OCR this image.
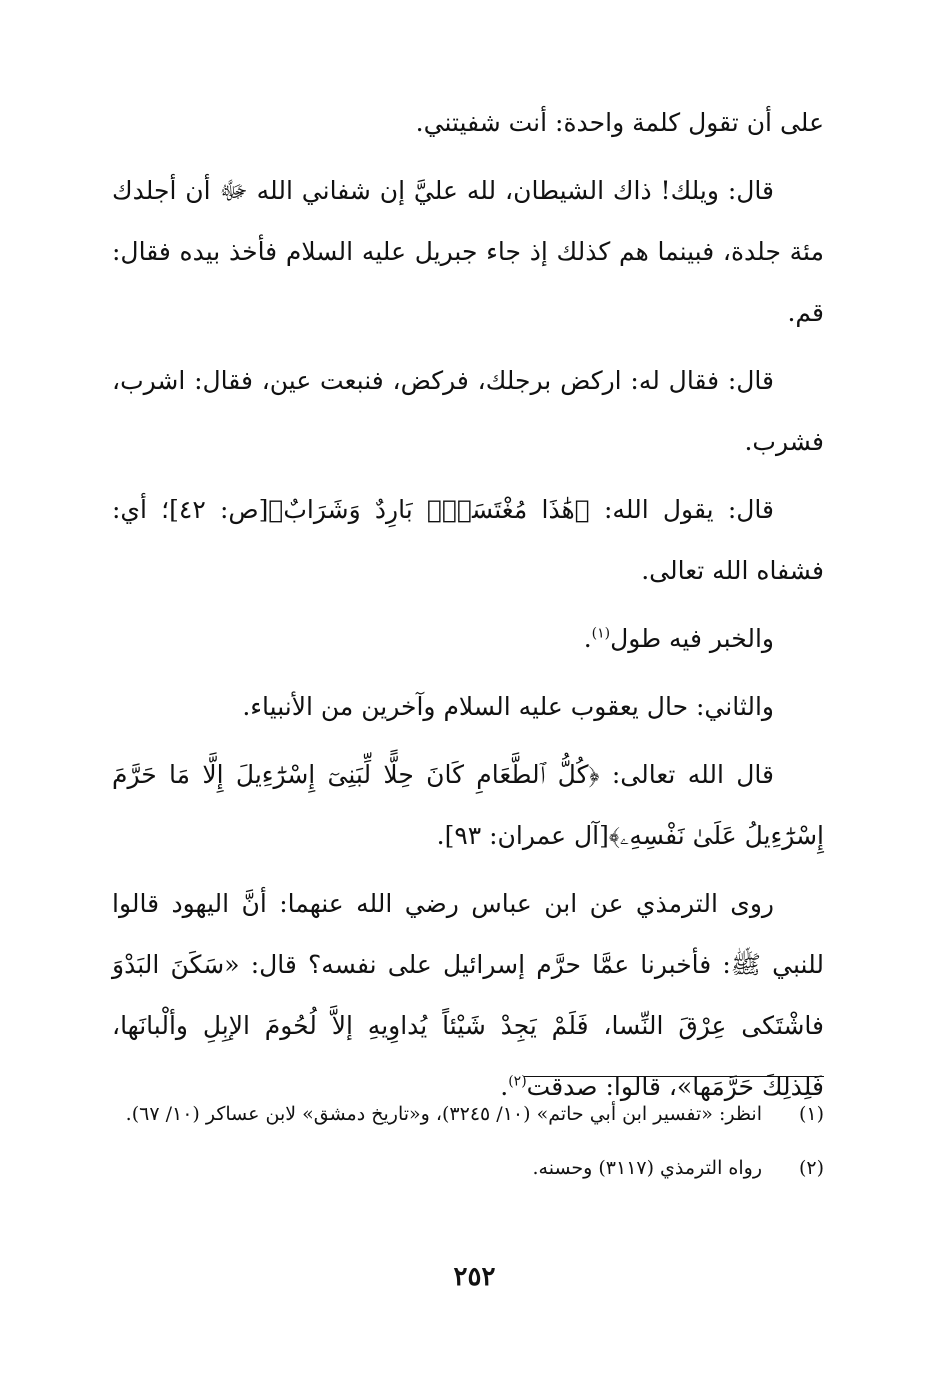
على أن تقول كلمة واحدة: أنت شفيتني.

قال: ويلك! ذاك الشيطان، لله عليَّ إن شفاني الله ﷻ أن أجلدك مئة جلدة، فبينما هم كذلك إذ جاء جبريل عليه السلام فأخذ بيده فقال: قم.

قال: فقال له: اركض برجلك، فركض، فنبعت عين، فقال: اشرب، فشرب.

قال: يقول الله: ﴿هَٰذَا مُغْتَسَلٌۢ بَارِدٌ وَشَرَابٌ﴾[ص: ٤٢]؛ أي: فشفاه الله تعالى.

والخبر فيه طول$^{(١)}$.

والثاني: حال يعقوب عليه السلام وآخرين من الأنبياء.

قال الله تعالى: ﴿كُلُّ ٱلطَّعَامِ كَانَ حِلًّا لِّبَنِىٓ إِسْرَٰٓءِيلَ إِلَّا مَا حَرَّمَ إِسْرَٰٓءِيلُ عَلَىٰ نَفْسِهِۦ﴾[آل عمران: ٩٣].

روى الترمذي عن ابن عباس رضي الله عنهما: أنَّ اليهود قالوا للنبي ﷺ: فأخبرنا عمَّا حرَّم إسرائيل على نفسه؟ قال: «سَكَنَ البَدْوَ فاشْتَكى عِرْقَ النِّسا، فَلَمْ يَجِدْ شَيْئاً يُداوِيهِ إلاَّ لُحُومَ الإبِلِ وألْبانَها، فَلِذلِكَ حَرَّمَها»، قالوا: صدقت$^{(٢)}$.

(١)
انظر: «تفسير ابن أبي حاتم» (١٠/ ٣٢٤٥)، و«تاريخ دمشق» لابن عساكر (١٠/ ٦٧).
(٢)
رواه الترمذي (٣١١٧) وحسنه.
٢٥٢
